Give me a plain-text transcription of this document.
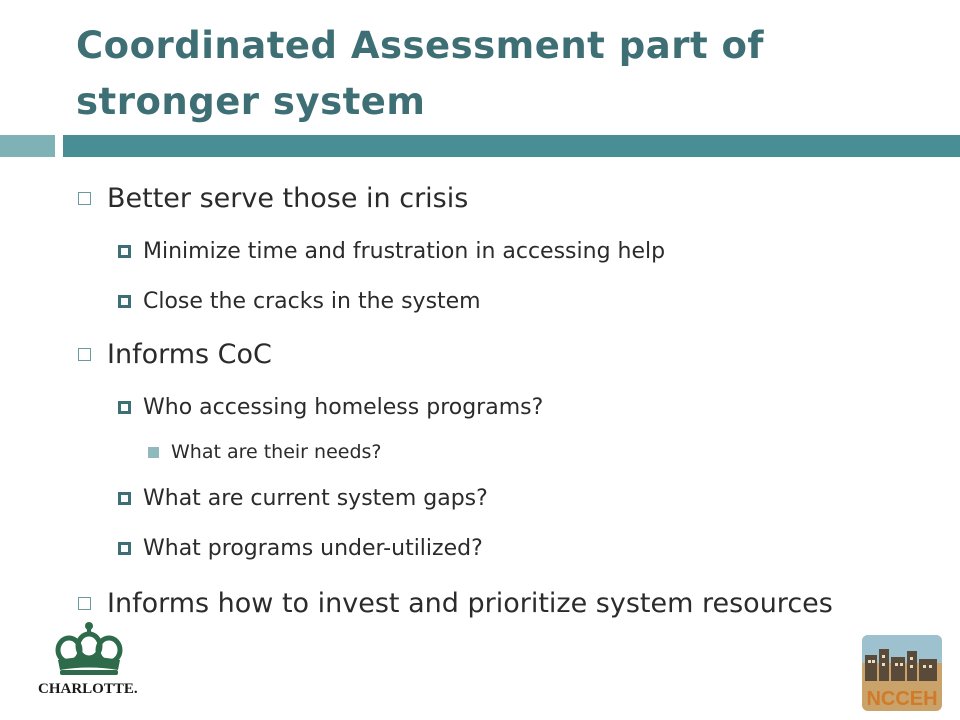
Coordinated Assessment part of stronger system
Better serve those in crisis
Minimize time and frustration in accessing help
Close the cracks in the system
Informs CoC
Who accessing homeless programs?
What are their needs?
What are current system gaps?
What programs under-utilized?
Informs how to invest and prioritize system resources
CHARLOTTE.	NCCEH
